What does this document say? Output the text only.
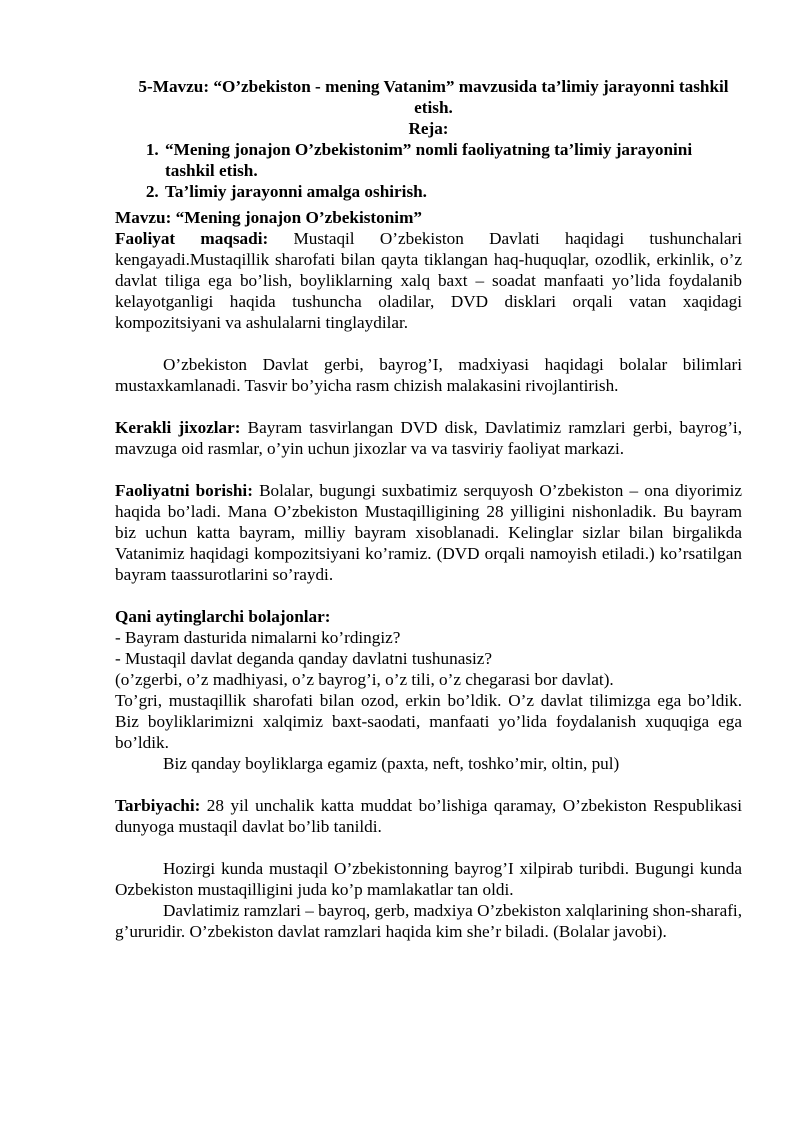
5-Mavzu: “O’zbekiston - mening Vatanim” mavzusida ta’limiy jarayonni tashkil etish.

Reja:

1. “Mening jonajon O’zbekistonim” nomli faoliyatning ta’limiy jarayonini tashkil etish.
2. Ta’limiy jarayonni amalga oshirish.

Mavzu: “Mening jonajon O’zbekistonim”

Faoliyat maqsadi: Mustaqil O’zbekiston Davlati haqidagi tushunchalari kengayadi.Mustaqillik sharofati bilan qayta tiklangan haq-huquqlar, ozodlik, erkinlik, o’z davlat tiliga ega bo’lish, boyliklarning xalq baxt – soadat manfaati yo’lida foydalanib kelayotganligi haqida tushuncha oladilar, DVD disklari orqali vatan xaqidagi kompozitsiyani va ashulalarni tinglaydilar.

O’zbekiston Davlat gerbi, bayrog’I, madxiyasi haqidagi bolalar bilimlari mustaxkamlanadi. Tasvir bo’yicha rasm chizish malakasini rivojlantirish.

Kerakli jixozlar: Bayram tasvirlangan DVD disk, Davlatimiz ramzlari gerbi, bayrog’i, mavzuga oid rasmlar, o’yin uchun jixozlar va va tasviriy faoliyat markazi.

Faoliyatni borishi: Bolalar, bugungi suxbatimiz serquyosh O’zbekiston – ona diyorimiz haqida bo’ladi. Mana O’zbekiston Mustaqilligining 28 yilligini nishonladik. Bu bayram biz uchun katta bayram, milliy bayram xisoblanadi. Kelinglar sizlar bilan birgalikda Vatanimiz haqidagi kompozitsiyani ko’ramiz. (DVD orqali namoyish etiladi.) ko’rsatilgan bayram taassurotlarini so’raydi.

Qani aytinglarchi bolajonlar:

- Bayram dasturida nimalarni ko’rdingiz?

- Mustaqil davlat deganda qanday davlatni tushunasiz?

(o’zgerbi, o’z madhiyasi, o’z bayrog’i, o’z tili, o’z chegarasi bor davlat).

To’gri, mustaqillik sharofati bilan ozod, erkin bo’ldik. O’z davlat tilimizga ega bo’ldik. Biz boyliklarimizni xalqimiz baxt-saodati, manfaati yo’lida foydalanish xuquqiga ega bo’ldik.

Biz qanday boyliklarga egamiz (paxta, neft, toshko’mir, oltin, pul)

Tarbiyachi: 28 yil unchalik katta muddat bo’lishiga qaramay, O’zbekiston Respublikasi dunyoga mustaqil davlat bo’lib tanildi.

Hozirgi kunda mustaqil O’zbekistonning bayrog’I xilpirab turibdi. Bugungi kunda Ozbekiston mustaqilligini juda ko’p mamlakatlar tan oldi.

Davlatimiz ramzlari – bayroq, gerb, madxiya O’zbekiston xalqlarining shon-sharafi, g’ururidir. O’zbekiston davlat ramzlari haqida kim she’r biladi. (Bolalar javobi).
